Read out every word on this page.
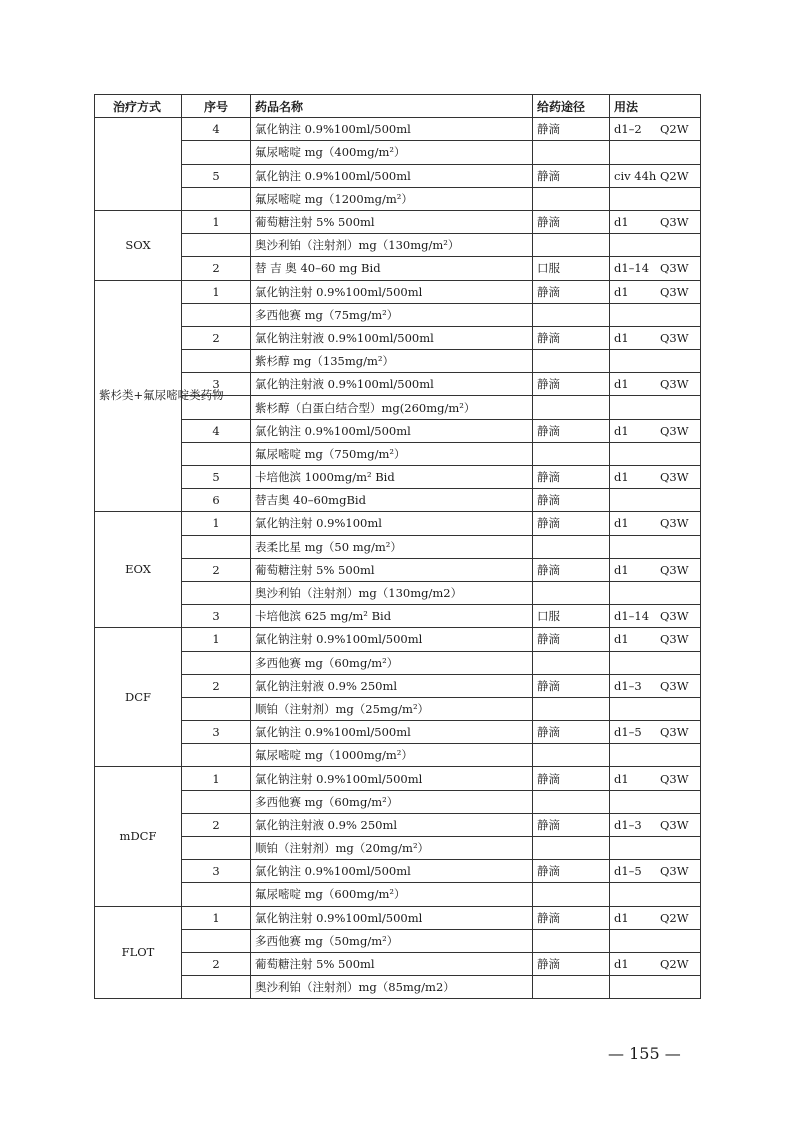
治疗方式	序号	药品名称	给药途径	用法
	4	氯化钠注 0.9%100ml/500ml	静滴	d1–2 Q2W
		氟尿嘧啶 mg（400mg/m²）		
	5	氯化钠注 0.9%100ml/500ml	静滴	civ 44h Q2W
		氟尿嘧啶 mg（1200mg/m²）		
SOX	1	葡萄糖注射 5% 500ml	静滴	d1 Q3W
		奥沙利铂（注射剂）mg（130mg/m²）		
	2	替 吉 奥 40–60 mg Bid	口服	d1–14 Q3W
紫杉类+氟尿嘧啶类药物	1	氯化钠注射 0.9%100ml/500ml	静滴	d1 Q3W
		多西他赛 mg（75mg/m²）		
	2	氯化钠注射液 0.9%100ml/500ml	静滴	d1 Q3W
		紫杉醇 mg（135mg/m²）		
	3	氯化钠注射液 0.9%100ml/500ml	静滴	d1 Q3W
		紫杉醇（白蛋白结合型）mg(260mg/m²）		
	4	氯化钠注 0.9%100ml/500ml	静滴	d1 Q3W
		氟尿嘧啶 mg（750mg/m²）		
	5	卡培他滨 1000mg/m² Bid	静滴	d1 Q3W
	6	替吉奥 40–60mgBid	静滴	
EOX	1	氯化钠注射 0.9%100ml	静滴	d1 Q3W
		表柔比星 mg（50 mg/m²）		
	2	葡萄糖注射 5% 500ml	静滴	d1 Q3W
		奥沙利铂（注射剂）mg（130mg/m2）		
	3	卡培他滨 625 mg/m² Bid	口服	d1–14 Q3W
DCF	1	氯化钠注射 0.9%100ml/500ml	静滴	d1 Q3W
		多西他赛 mg（60mg/m²）		
	2	氯化钠注射液 0.9% 250ml	静滴	d1–3 Q3W
		顺铂（注射剂）mg（25mg/m²）		
	3	氯化钠注 0.9%100ml/500ml	静滴	d1–5 Q3W
		氟尿嘧啶 mg（1000mg/m²）		
mDCF	1	氯化钠注射 0.9%100ml/500ml	静滴	d1 Q3W
		多西他赛 mg（60mg/m²）		
	2	氯化钠注射液 0.9% 250ml	静滴	d1–3 Q3W
		顺铂（注射剂）mg（20mg/m²）		
	3	氯化钠注 0.9%100ml/500ml	静滴	d1–5 Q3W
		氟尿嘧啶 mg（600mg/m²）		
FLOT	1	氯化钠注射 0.9%100ml/500ml	静滴	d1 Q2W
		多西他赛 mg（50mg/m²）		
	2	葡萄糖注射 5% 500ml	静滴	d1 Q2W
		奥沙利铂（注射剂）mg（85mg/m2）		
— 155 —
